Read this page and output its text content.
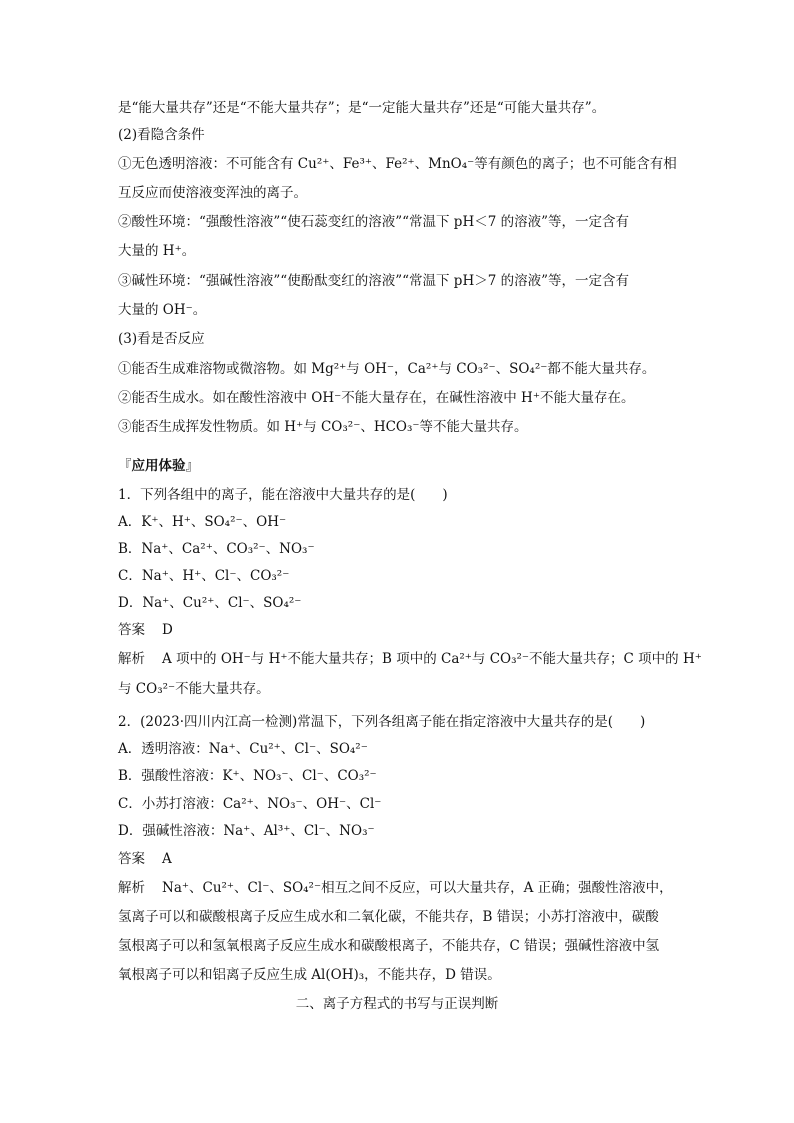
是“能大量共存”还是“不能大量共存”；是“一定能大量共存”还是“可能大量共存”。
(2)看隐含条件
①无色透明溶液：不可能含有 Cu²⁺、Fe³⁺、Fe²⁺、MnO₄⁻等有颜色的离子；也不可能含有相
互反应而使溶液变浑浊的离子。
②酸性环境：“强酸性溶液”“使石蕊变红的溶液”“常温下 pH＜7 的溶液”等，一定含有
大量的 H⁺。
③碱性环境：“强碱性溶液”“使酚酞变红的溶液”“常温下 pH＞7 的溶液”等，一定含有
大量的 OH⁻。
(3)看是否反应
①能否生成难溶物或微溶物。如 Mg²⁺与 OH⁻，Ca²⁺与 CO₃²⁻、SO₄²⁻都不能大量共存。
②能否生成水。如在酸性溶液中 OH⁻不能大量存在，在碱性溶液中 H⁺不能大量存在。
③能否生成挥发性物质。如 H⁺与 CO₃²⁻、HCO₃⁻等不能大量共存。
『应用体验』
1．下列各组中的离子，能在溶液中大量共存的是(　　)
A．K⁺、H⁺、SO₄²⁻、OH⁻
B．Na⁺、Ca²⁺、CO₃²⁻、NO₃⁻
C．Na⁺、H⁺、Cl⁻、CO₃²⁻
D．Na⁺、Cu²⁺、Cl⁻、SO₄²⁻
答案 D
解析 A 项中的 OH⁻与 H⁺不能大量共存；B 项中的 Ca²⁺与 CO₃²⁻不能大量共存；C 项中的 H⁺
与 CO₃²⁻不能大量共存。
2．(2023·四川内江高一检测)常温下，下列各组离子能在指定溶液中大量共存的是(　　)
A．透明溶液：Na⁺、Cu²⁺、Cl⁻、SO₄²⁻
B．强酸性溶液：K⁺、NO₃⁻、Cl⁻、CO₃²⁻
C．小苏打溶液：Ca²⁺、NO₃⁻、OH⁻、Cl⁻
D．强碱性溶液：Na⁺、Al³⁺、Cl⁻、NO₃⁻
答案 A
解析 Na⁺、Cu²⁺、Cl⁻、SO₄²⁻相互之间不反应，可以大量共存，A 正确；强酸性溶液中，
氢离子可以和碳酸根离子反应生成水和二氧化碳，不能共存，B 错误；小苏打溶液中，碳酸
氢根离子可以和氢氧根离子反应生成水和碳酸根离子，不能共存，C 错误；强碱性溶液中氢
氧根离子可以和铝离子反应生成 Al(OH)₃，不能共存，D 错误。
二、离子方程式的书写与正误判断
